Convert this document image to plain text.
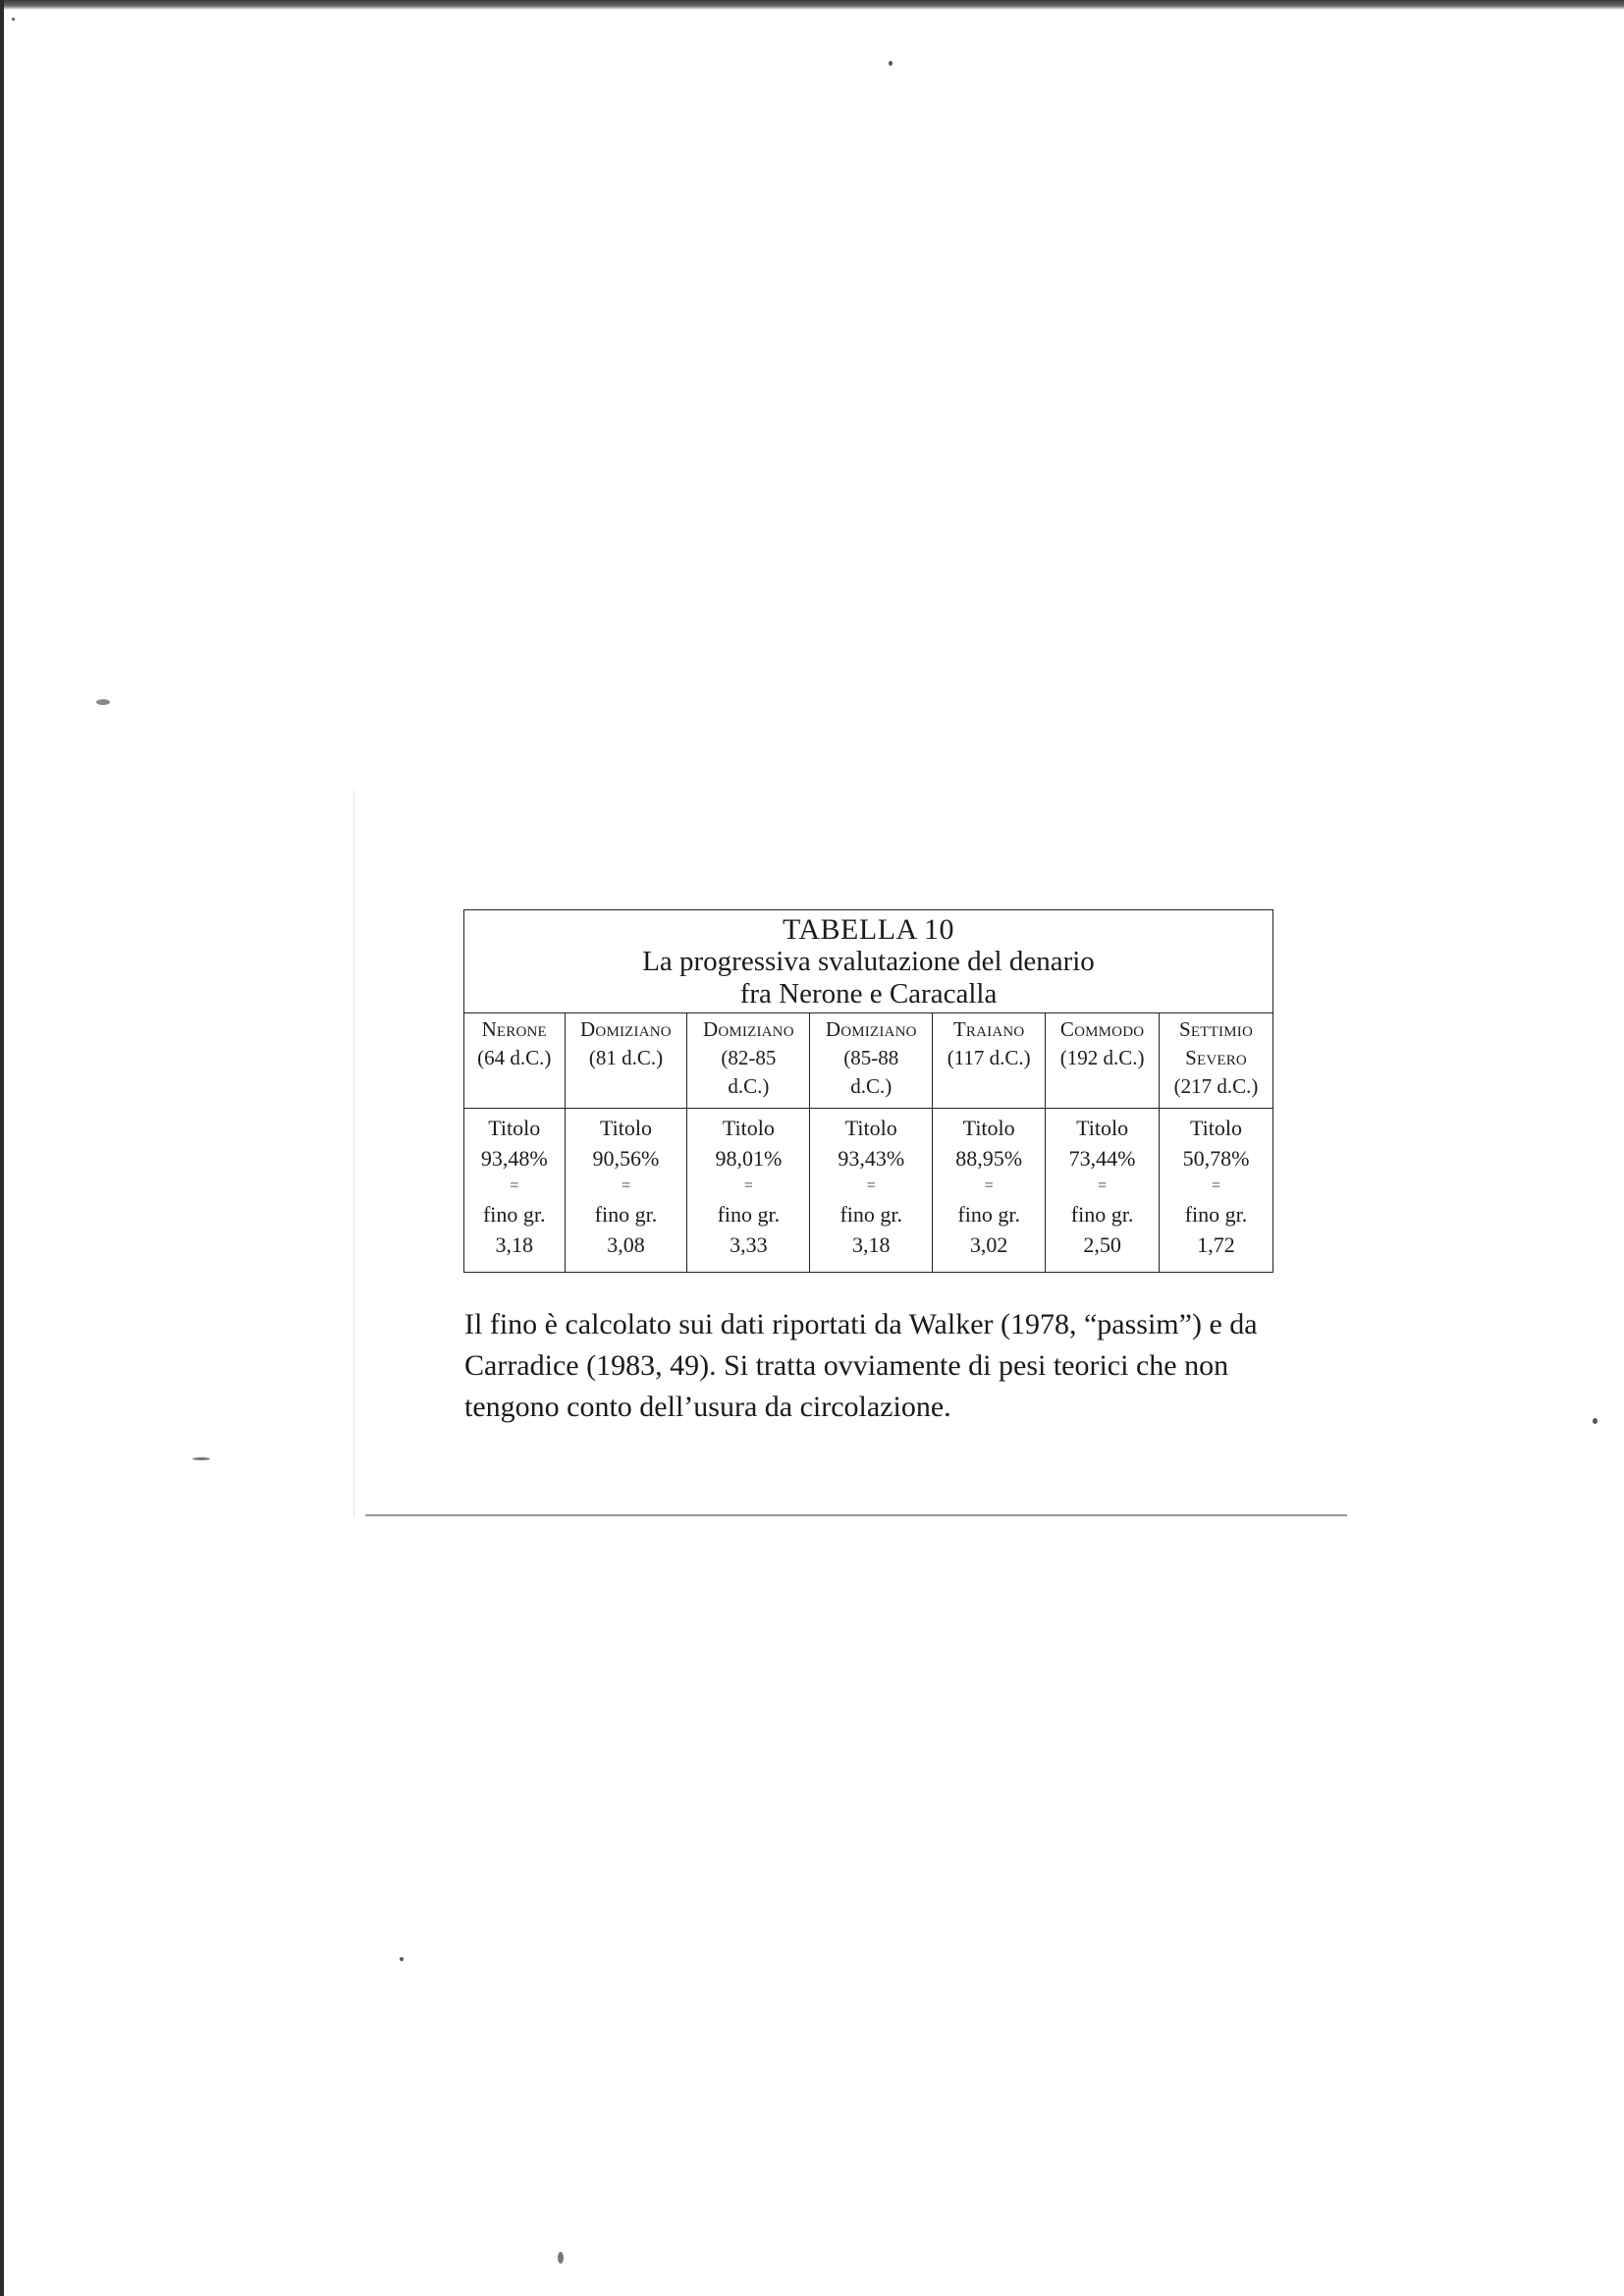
TABELLA 10
La progressiva svalutazione del denario
fra Nerone e Caracalla						

Nerone
(64 d.C.)	Domiziano
(81 d.C.)	Domiziano
(82-85
d.C.)	Domiziano
(85-88
d.C.)	Traiano
(117 d.C.)	Commodo
(192 d.C.)	Settimio
Severo
(217 d.C.)

Titolo
93,48%
=
fino gr.
3,18	Titolo
90,56%
=
fino gr.
3,08	Titolo
98,01%
=
fino gr.
3,33	Titolo
93,43%
=
fino gr.
3,18	Titolo
88,95%
=
fino gr.
3,02	Titolo
73,44%
=
fino gr.
2,50	Titolo
50,78%
=
fino gr.
1,72

Il fino è calcolato sui dati riportati da Walker (1978, “passim”) e da Carradice (1983, 49). Si tratta ovviamente di pesi teorici che non tengono conto dell’usura da circolazione.
